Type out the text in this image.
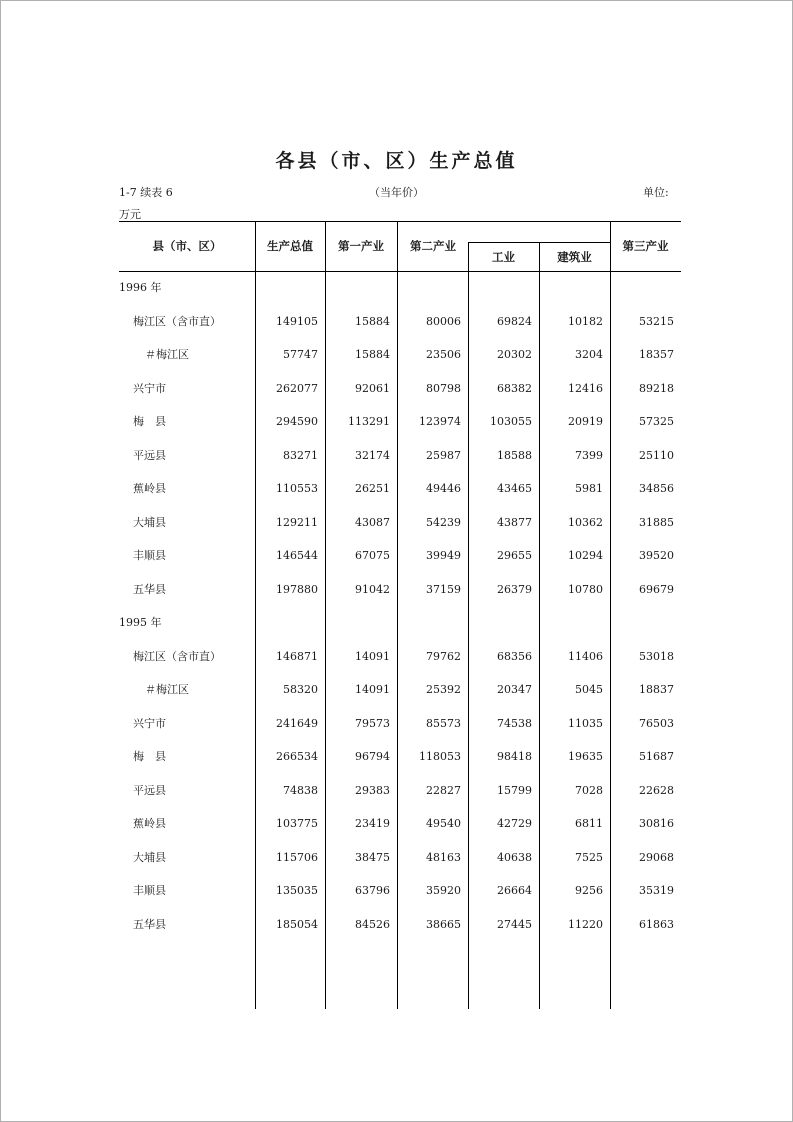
各县（市、区）生产总值
1-7 续表 6	（当年价）	单位:
万元
县（市、区）	生产总值	第一产业	第二产业
工业	建筑业
第三产业
1996 年
梅江区（含市直）	149105	15884	80006	69824	10182	53215
＃梅江区	57747	15884	23506	20302	3204	18357
兴宁市	262077	92061	80798	68382	12416	89218
梅　县	294590	113291	123974	103055	20919	57325
平远县	83271	32174	25987	18588	7399	25110
蕉岭县	110553	26251	49446	43465	5981	34856
大埔县	129211	43087	54239	43877	10362	31885
丰顺县	146544	67075	39949	29655	10294	39520
五华县	197880	91042	37159	26379	10780	69679
1995 年
梅江区（含市直）	146871	14091	79762	68356	11406	53018
＃梅江区	58320	14091	25392	20347	5045	18837
兴宁市	241649	79573	85573	74538	11035	76503
梅　县	266534	96794	118053	98418	19635	51687
平远县	74838	29383	22827	15799	7028	22628
蕉岭县	103775	23419	49540	42729	6811	30816
大埔县	115706	38475	48163	40638	7525	29068
丰顺县	135035	63796	35920	26664	9256	35319
五华县	185054	84526	38665	27445	11220	61863
